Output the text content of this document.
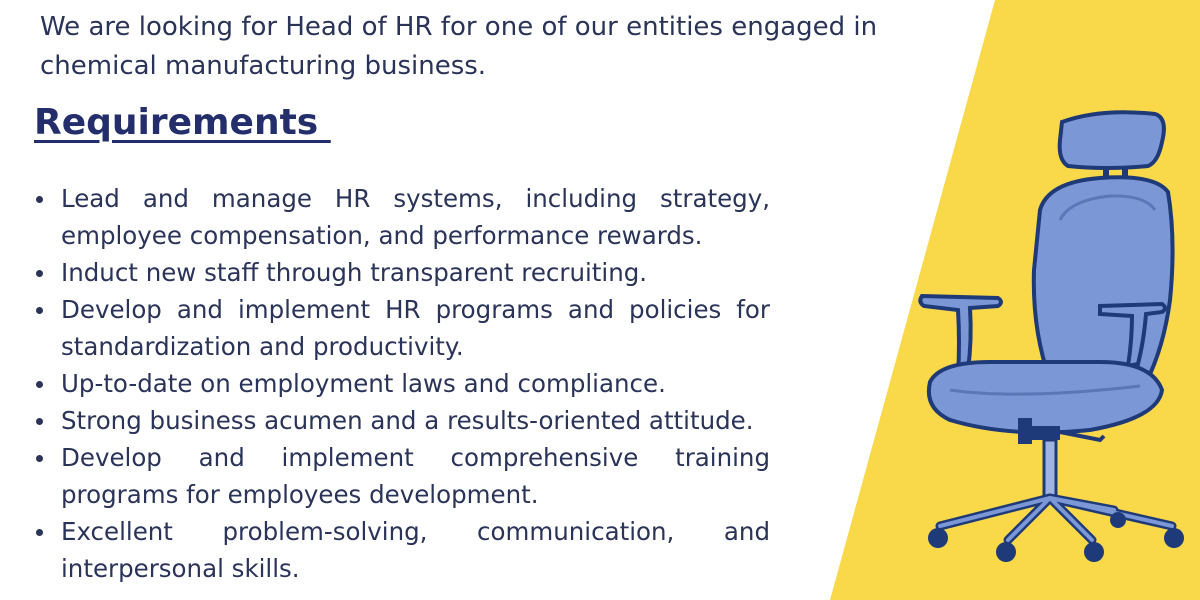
We are looking for Head of HR for one of our entities engaged in chemical manufacturing business.

Requirements
Lead and manage HR systems, including strategy, employee compensation, and performance rewards.
Induct new staff through transparent recruiting.
Develop and implement HR programs and policies for standardization and productivity.
Up-to-date on employment laws and compliance.
Strong business acumen and a results-oriented attitude.
Develop and implement comprehensive training programs for employees development.
Excellent problem-solving, communication, and interpersonal skills.
